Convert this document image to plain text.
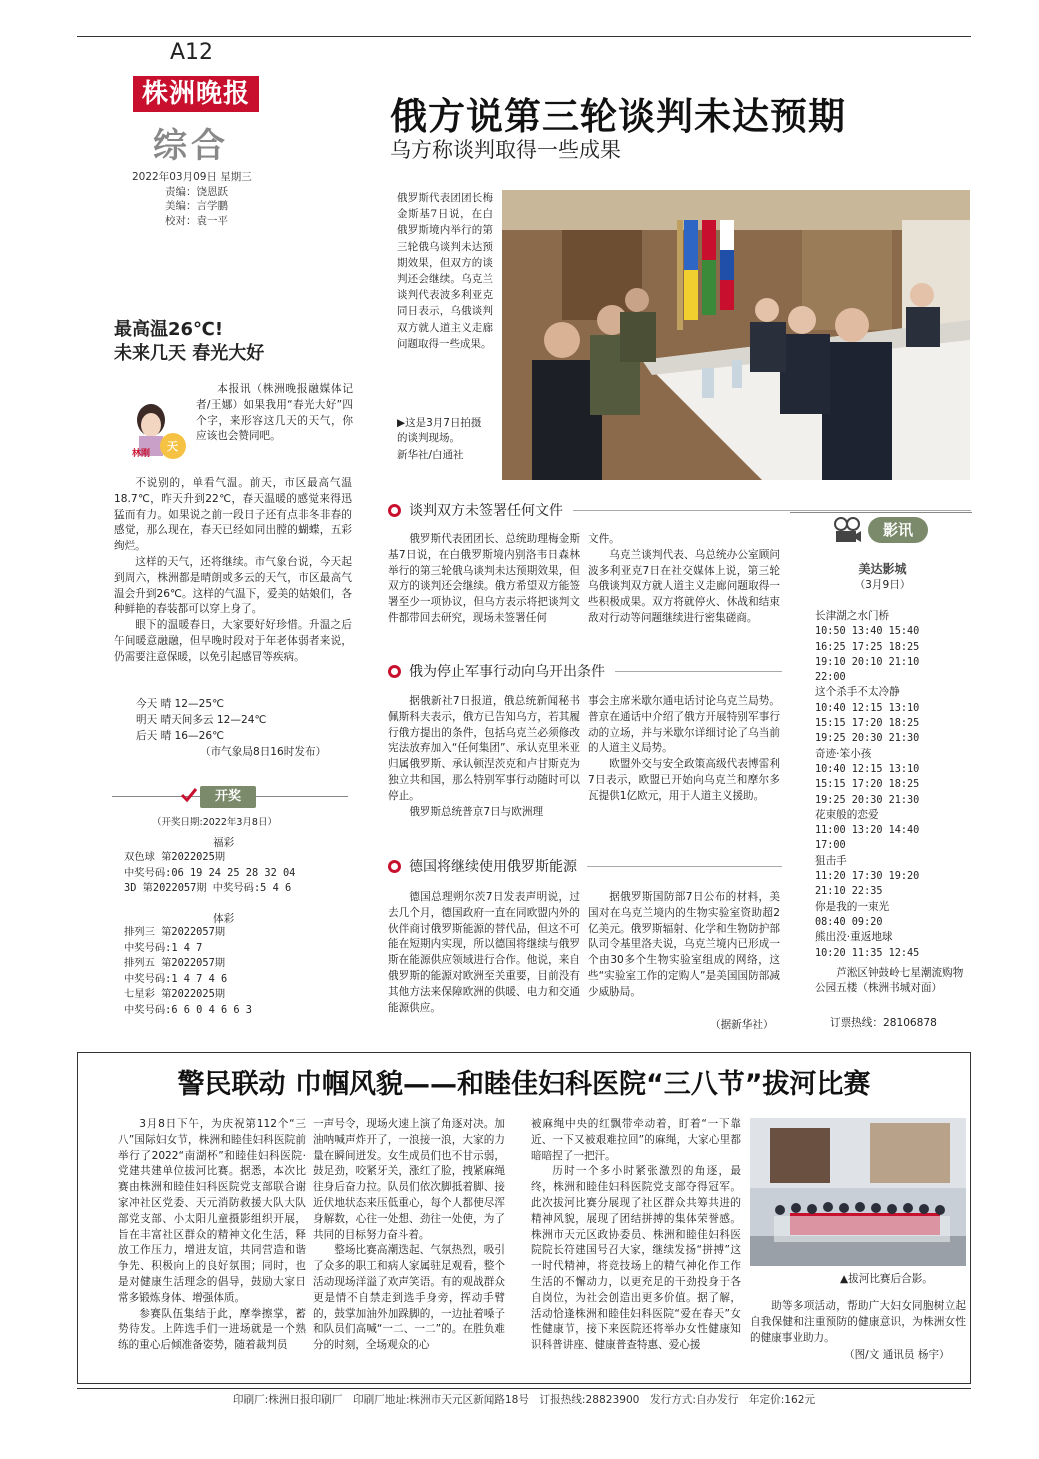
A12
株洲晚报
综合
2022年03月09日 星期三
责编：饶恩跃
美编：言学鹏
校对：袁一平
俄方说第三轮谈判未达预期
乌方称谈判取得一些成果
俄罗斯代表团团长梅金斯基7日说，在白俄罗斯境内举行的第三轮俄乌谈判未达预期效果，但双方的谈判还会继续。乌克兰谈判代表波多利亚克同日表示，乌俄谈判双方就人道主义走廊问题取得一些成果。
▶这是3月7日拍摄的谈判现场。
新华社/白通社
谈判双方未签署任何文件
俄罗斯代表团团长、总统助理梅金斯基7日说，在白俄罗斯境内别洛韦日森林举行的第三轮俄乌谈判未达预期效果，但双方的谈判还会继续。俄方希望双方能签署至少一项协议，但乌方表示将把谈判文件都带回去研究，现场未签署任何
文件。
乌克兰谈判代表、乌总统办公室顾问波多利亚克7日在社交媒体上说，第三轮乌俄谈判双方就人道主义走廊问题取得一些积极成果。双方将就停火、休战和结束敌对行动等问题继续进行密集磋商。
俄为停止军事行动向乌开出条件
据俄新社7日报道，俄总统新闻秘书佩斯科夫表示，俄方已告知乌方，若其履行俄方提出的条件，包括乌克兰必须修改宪法放弃加入“任何集团”、承认克里米亚归属俄罗斯、承认顿涅茨克和卢甘斯克为独立共和国，那么特别军事行动随时可以停止。
俄罗斯总统普京7日与欧洲理
事会主席米歇尔通电话讨论乌克兰局势。普京在通话中介绍了俄方开展特别军事行动的立场，并与米歇尔详细讨论了乌当前的人道主义局势。
欧盟外交与安全政策高级代表博雷利7日表示，欧盟已开始向乌克兰和摩尔多瓦提供1亿欧元，用于人道主义援助。
德国将继续使用俄罗斯能源
德国总理朔尔茨7日发表声明说，过去几个月，德国政府一直在同欧盟内外的伙伴商讨俄罗斯能源的替代品，但这不可能在短期内实现，所以德国将继续与俄罗斯在能源供应领域进行合作。他说，来自俄罗斯的能源对欧洲至关重要，目前没有其他方法来保障欧洲的供暖、电力和交通能源供应。
据俄罗斯国防部7日公布的材料，美国对在乌克兰境内的生物实验室资助超2亿美元。俄罗斯辐射、化学和生物防护部队司令基里洛夫说，乌克兰境内已形成一个由30多个生物实验室组成的网络，这些“实验室工作的定购人”是美国国防部减少威胁局。
（据新华社）
影讯
美达影城
（3月9日）
长津湖之水门桥
10:50 13:40 15:40
16:25 17:25 18:25
19:10 20:10 21:10
22:00
这个杀手不太冷静
10:40 12:15 13:10
15:15 17:20 18:25
19:25 20:30 21:30
奇迹·笨小孩
10:40 12:15 13:10
15:15 17:20 18:25
19:25 20:30 21:30
花束般的恋爱
11:00 13:20 14:40
17:00
狙击手
11:20 17:30 19:20
21:10 22:35
你是我的一束光
08:40 09:20
熊出没·重返地球
10:20 11:35 12:45
芦淞区钟鼓岭七星潮流购物公园五楼（株洲书城对面）
订票热线：28106878
最高温26℃!
未来几天 春光大好
林刚
天
本报讯（株洲晚报融媒体记者/王娜）如果我用“春光大好”四个字，来形容这几天的天气，你应该也会赞同吧。
不说别的，单看气温。前天，市区最高气温18.7℃，昨天升到22℃，春天温暖的感觉来得迅猛而有力。如果说之前一段日子还有点非冬非春的感觉，那么现在，春天已经如同出膛的蝴蝶，五彩绚烂。
这样的天气，还将继续。市气象台说，今天起到周六，株洲都是晴朗或多云的天气，市区最高气温会升到26℃。这样的气温下，爱美的姑娘们，各种鲜艳的春装都可以穿上身了。
眼下的温暖春日，大家要好好珍惜。升温之后午间暖意融融，但早晚时段对于年老体弱者来说，仍需要注意保暖，以免引起感冒等疾病。
今天 晴 12—25℃
明天 晴天间多云 12—24℃
后天 晴 16—26℃
（市气象局8日16时发布）
开奖
（开奖日期:2022年3月8日）
福彩
双色球 第2022025期
中奖号码:06 19 24 25 28 32 04
3D 第2022057期 中奖号码:5 4 6
体彩
排列三 第2022057期
中奖号码:1 4 7
排列五 第2022057期
中奖号码:1 4 7 4 6
七星彩 第2022025期
中奖号码:6 6 0 4 6 6 3
警民联动 巾帼风貌——和睦佳妇科医院“三八节”拔河比赛
3月8日下午，为庆祝第112个“三八”国际妇女节，株洲和睦佳妇科医院前举行了2022“南湖杯”和睦佳妇科医院·党建共建单位拔河比赛。据悉，本次比赛由株洲和睦佳妇科医院党支部联合谢家冲社区党委、天元消防救援大队大队部党支部、小太阳儿童摄影组织开展，旨在丰富社区群众的精神文化生活，释放工作压力，增进友谊，共同营造和谐争先、积极向上的良好氛围；同时，也是对健康生活理念的倡导，鼓励大家日常多锻炼身体、增强体质。
参赛队伍集结于此，摩拳擦掌，蓄势待发。上阵选手们一进场就是一个熟练的重心后倾准备姿势，随着裁判员
一声号令，现场火速上演了角逐对决。加油呐喊声炸开了，一浪接一浪，大家的力量在瞬间迸发。女生成员们也不甘示弱，鼓足劲，咬紧牙关，涨红了脸，拽紧麻绳往身后奋力拉。队员们依次脚抵着脚、接近伏地状态来压低重心，每个人都使尽浑身解数，心往一处想、劲往一处使，为了共同的目标努力奋斗着。
整场比赛高潮迭起、气氛热烈，吸引了众多的职工和病人家属驻足观看，整个活动现场洋溢了欢声笑语。有的观战群众更是情不自禁走到选手身旁，挥动手臂的，鼓掌加油外加跺脚的，一边扯着嗓子和队员们高喊“一二、一二”的。在胜负难分的时刻，全场观众的心
被麻绳中央的红飘带牵动着，盯着“一下靠近、一下又被艰难拉回”的麻绳，大家心里都暗暗捏了一把汗。
历时一个多小时紧张激烈的角逐，最终，株洲和睦佳妇科医院党支部夺得冠军。此次拔河比赛分展现了社区群众共筹共进的精神风貌，展现了团结拼搏的集体荣誉感。株洲市天元区政协委员、株洲和睦佳妇科医院院长符建国号召大家，继续发扬“拼搏”这一时代精神，将竞技场上的精气神化作工作生活的不懈动力，以更充足的干劲投身于各自岗位，为社会创造出更多价值。据了解，活动恰逢株洲和睦佳妇科医院“爱在春天”女性健康节，接下来医院还将举办女性健康知识科普讲座、健康普查特惠、爱心援
▲拔河比赛后合影。
助等多项活动，帮助广大妇女同胞树立起自我保健和注重预防的健康意识，为株洲女性的健康事业助力。
（图/文 通讯员 杨宇）
印刷厂:株洲日报印刷厂　印刷厂地址:株洲市天元区新闻路18号　订报热线:28823900　发行方式:自办发行　年定价:162元
